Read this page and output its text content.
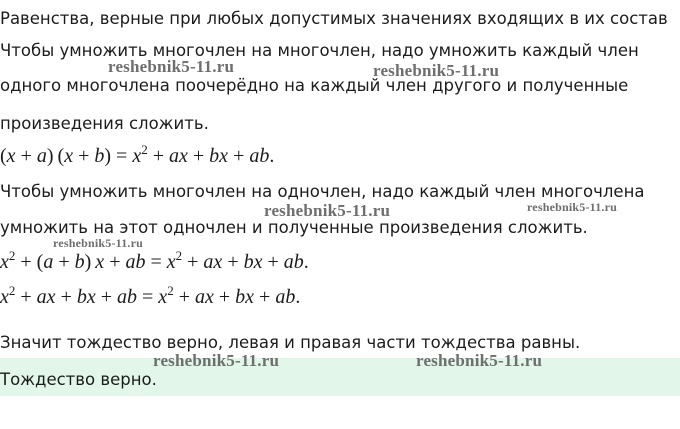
Равенства, верные при любых допустимых значениях входящих в их состав
Чтобы умножить многочлен на многочлен, надо умножить каждый член
одного многочлена поочерёдно на каждый член другого и полученные
произведения сложить.
(x + a)  $(x + b) = x^2$ + ax + bx + ab.
Чтобы умножить многочлен на одночлен, надо каждый член многочлена
умножить на этот одночлен и полученные произведения сложить.
$x^2 + (a + b) x$ + ab = $x^2$ + ax + bx + ab.
$x^2$ + ax + bx + ab = $x^2$ + ax + bx + ab.
Значит тождество верно, левая и правая части тождества равны.
Тождество верно.
reshebnik5-11.ru	reshebnik5-11.ru
reshebnik5-11.ru	reshebnik5-11.ru
reshebnik5-11.ru
reshebnik5-11.ru	reshebnik5-11.ru
